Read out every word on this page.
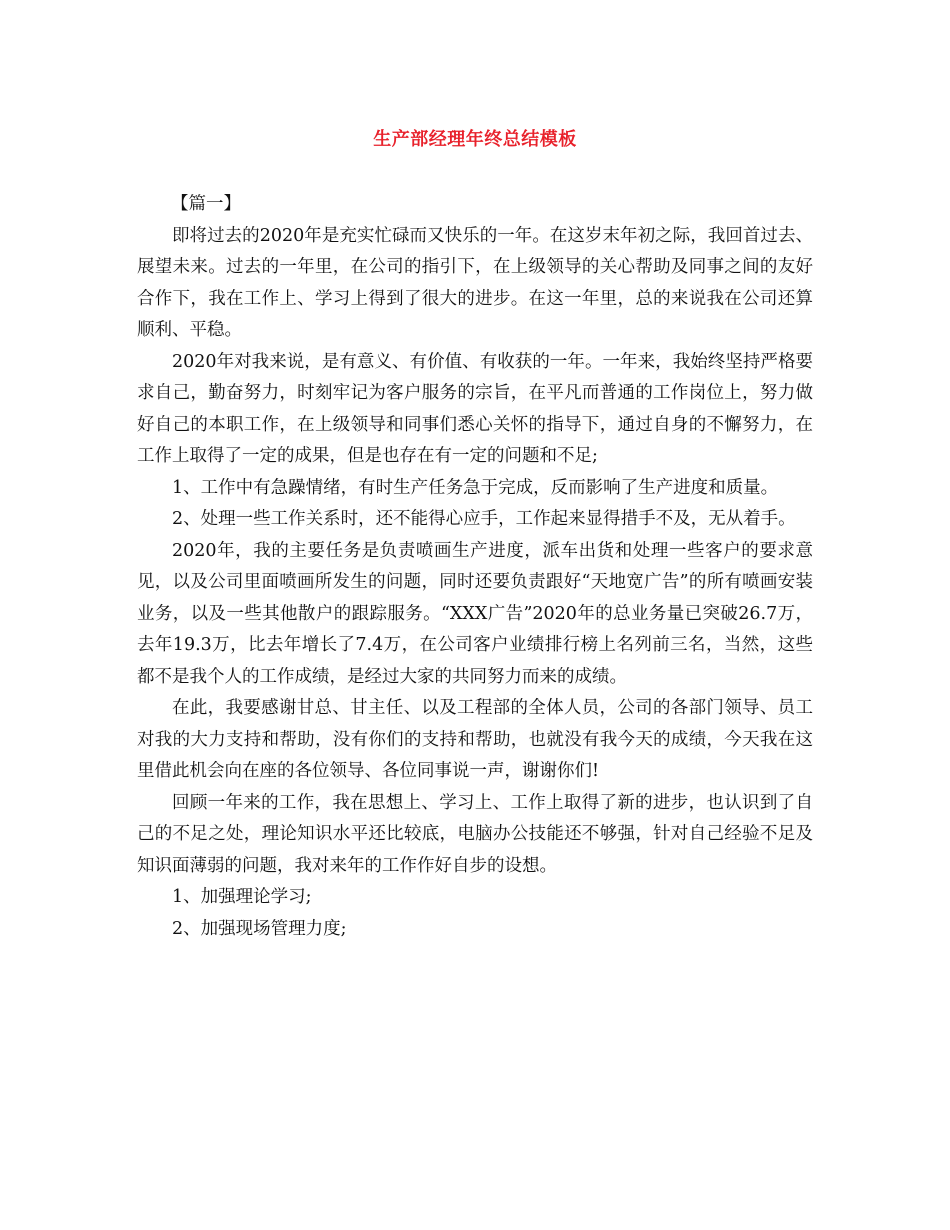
生产部经理年终总结模板

【篇一】

即将过去的2020年是充实忙碌而又快乐的一年。在这岁末年初之际，我回首过去、展望未来。过去的一年里，在公司的指引下，在上级领导的关心帮助及同事之间的友好合作下，我在工作上、学习上得到了很大的进步。在这一年里，总的来说我在公司还算顺利、平稳。

2020年对我来说，是有意义、有价值、有收获的一年。一年来，我始终坚持严格要求自己，勤奋努力，时刻牢记为客户服务的宗旨，在平凡而普通的工作岗位上，努力做好自己的本职工作，在上级领导和同事们悉心关怀的指导下，通过自身的不懈努力，在工作上取得了一定的成果，但是也存在有一定的问题和不足;

1、工作中有急躁情绪，有时生产任务急于完成，反而影响了生产进度和质量。

2、处理一些工作关系时，还不能得心应手，工作起来显得措手不及，无从着手。

2020年，我的主要任务是负责喷画生产进度，派车出货和处理一些客户的要求意见，以及公司里面喷画所发生的问题，同时还要负责跟好“天地宽广告”的所有喷画安装业务，以及一些其他散户的跟踪服务。“XXX广告”2020年的总业务量已突破26.7万，去年19.3万，比去年增长了7.4万，在公司客户业绩排行榜上名列前三名，当然，这些都不是我个人的工作成绩，是经过大家的共同努力而来的成绩。

在此，我要感谢甘总、甘主任、以及工程部的全体人员，公司的各部门领导、员工对我的大力支持和帮助，没有你们的支持和帮助，也就没有我今天的成绩，今天我在这里借此机会向在座的各位领导、各位同事说一声，谢谢你们!

回顾一年来的工作，我在思想上、学习上、工作上取得了新的进步，也认识到了自己的不足之处，理论知识水平还比较底，电脑办公技能还不够强，针对自己经验不足及知识面薄弱的问题，我对来年的工作作好自步的设想。

1、加强理论学习;

2、加强现场管理力度;
